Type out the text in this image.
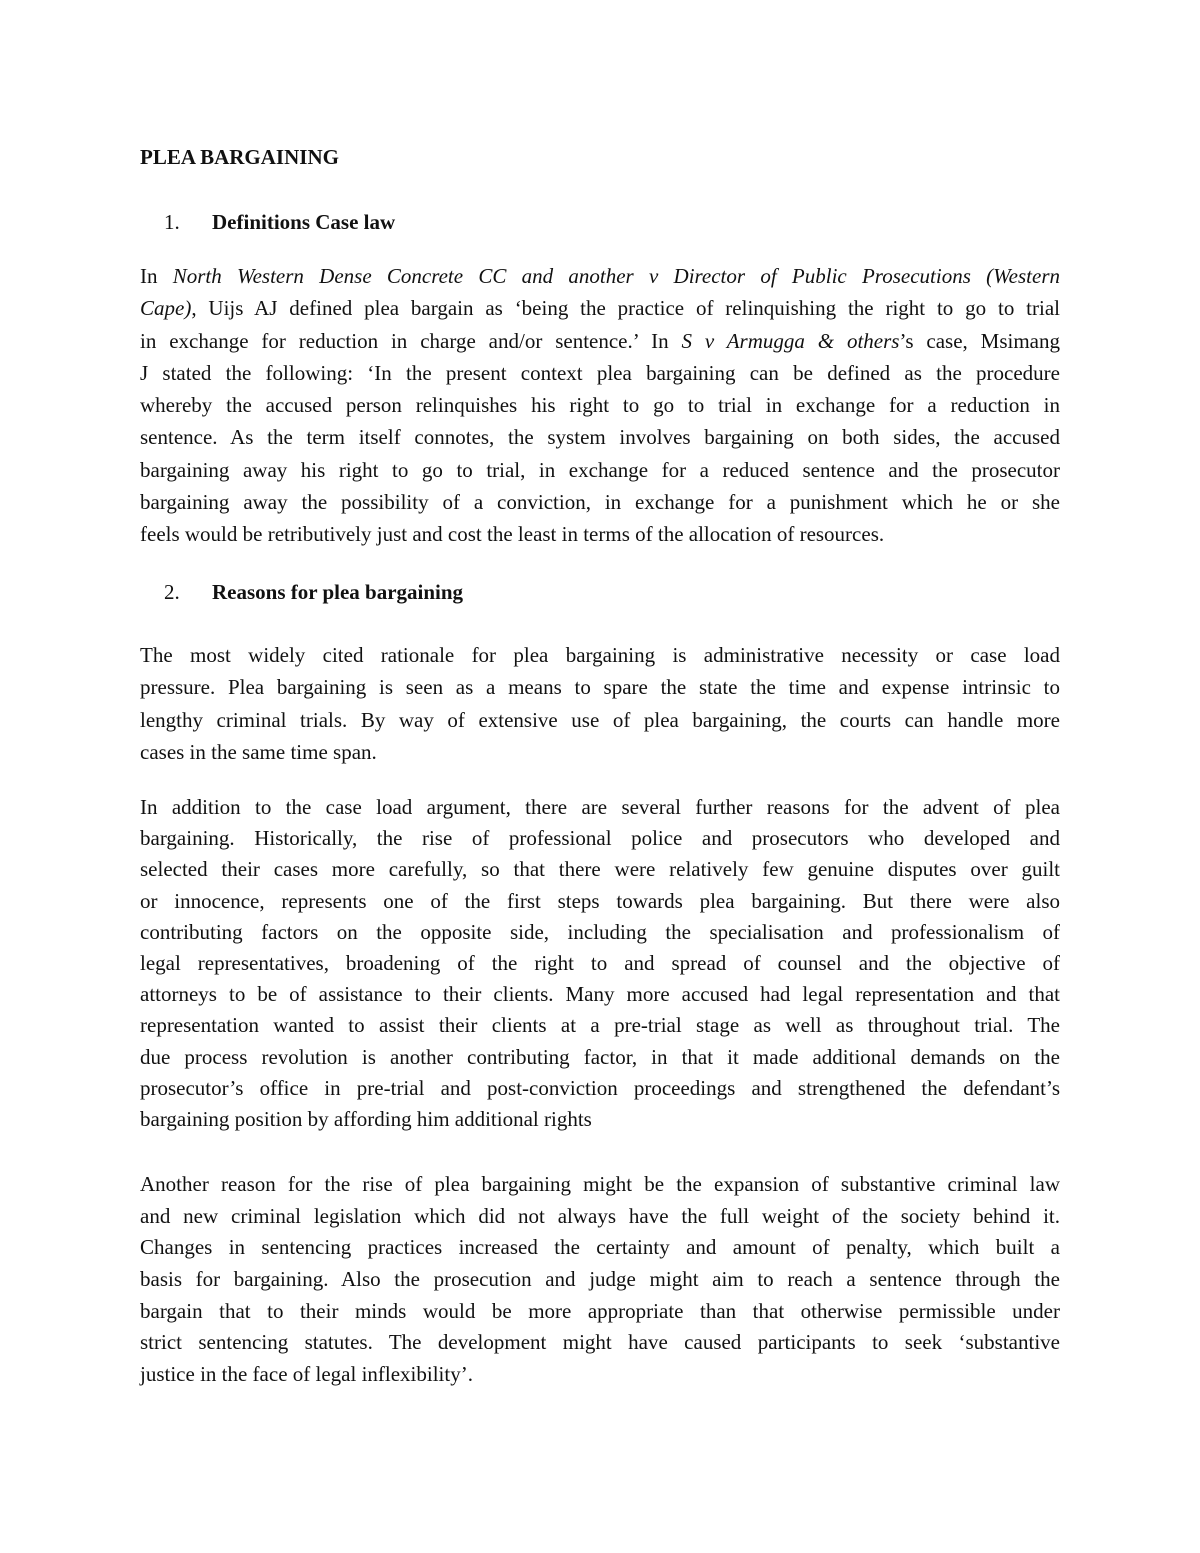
PLEA BARGAINING
1. Definitions Case law
In North Western Dense Concrete CC and another v Director of Public Prosecutions (Western
Cape), Uijs AJ defined plea bargain as ‘being the practice of relinquishing the right to go to trial
in exchange for reduction in charge and/or sentence.’ In S v Armugga & others’s case, Msimang
J stated the following: ‘In the present context plea bargaining can be defined as the procedure
whereby the accused person relinquishes his right to go to trial in exchange for a reduction in
sentence. As the term itself connotes, the system involves bargaining on both sides, the accused
bargaining away his right to go to trial, in exchange for a reduced sentence and the prosecutor
bargaining away the possibility of a conviction, in exchange for a punishment which he or she
feels would be retributively just and cost the least in terms of the allocation of resources.
2. Reasons for plea bargaining
The most widely cited rationale for plea bargaining is administrative necessity or case load
pressure. Plea bargaining is seen as a means to spare the state the time and expense intrinsic to
lengthy criminal trials. By way of extensive use of plea bargaining, the courts can handle more
cases in the same time span.
In addition to the case load argument, there are several further reasons for the advent of plea
bargaining. Historically, the rise of professional police and prosecutors who developed and
selected their cases more carefully, so that there were relatively few genuine disputes over guilt
or innocence, represents one of the first steps towards plea bargaining. But there were also
contributing factors on the opposite side, including the specialisation and professionalism of
legal representatives, broadening of the right to and spread of counsel and the objective of
attorneys to be of assistance to their clients. Many more accused had legal representation and that
representation wanted to assist their clients at a pre-trial stage as well as throughout trial. The
due process revolution is another contributing factor, in that it made additional demands on the
prosecutor’s office in pre-trial and post-conviction proceedings and strengthened the defendant’s
bargaining position by affording him additional rights
Another reason for the rise of plea bargaining might be the expansion of substantive criminal law
and new criminal legislation which did not always have the full weight of the society behind it.
Changes in sentencing practices increased the certainty and amount of penalty, which built a
basis for bargaining. Also the prosecution and judge might aim to reach a sentence through the
bargain that to their minds would be more appropriate than that otherwise permissible under
strict sentencing statutes. The development might have caused participants to seek ‘substantive
justice in the face of legal inflexibility’.
